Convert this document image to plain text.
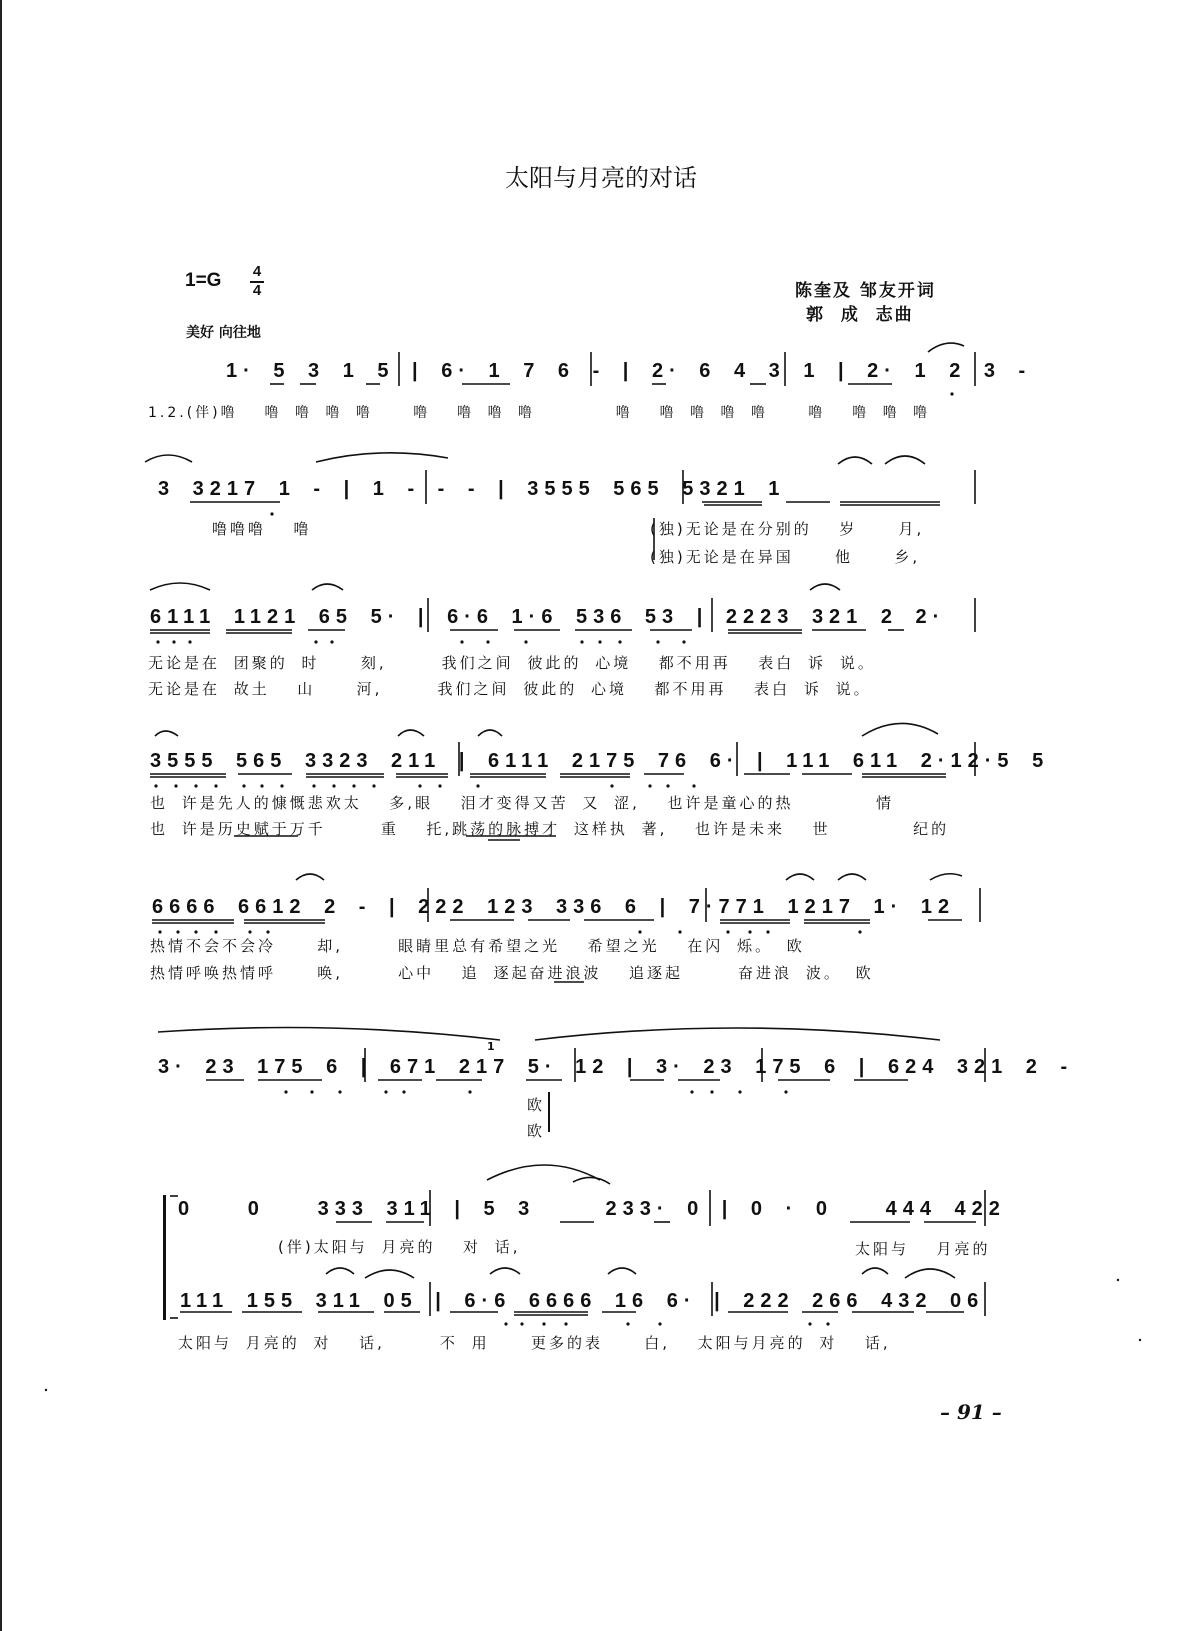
太阳与月亮的对话
1=G 4
4	陈奎及 邹友开词
郭  成  志曲
美好 向往地
1· 5 3 1 5 | 6· 1 7 6 - | 2· 6 4 3 1 | 2· 1 2 3 -
1.2.(伴)噜  噜 噜 噜 噜   噜  噜 噜 噜      噜  噜 噜 噜 噜   噜  噜 噜 噜
3 3217 1 - | 1 - - - | 3555 565 5321 1
噜噜噜  噜	(独)无论是在分别的  岁   月,
(独)无论是在异国   他   乡,
6111 1121 65 5· | 6·6 1·6 536 53 | 2223 321 2 2·
无论是在 团聚的 时   刻,    我们之间 彼此的 心境  都不用再  表白 诉 说。
无论是在 故土  山   河,    我们之间 彼此的 心境  都不用再  表白 诉 说。
3555 565 3323 211 | 6111 2175 76 6· | 111 611 2·12·5 5
也 许是先人的慷慨悲欢太  多,眼  泪才变得又苦 又 涩,  也许是童心的热      情
也 许是历史赋于万千    重  托,跳荡的脉搏才 这样执 著,  也许是未来  世      纪的
6666 6612 2 - | 222 123 336 6 | 7·771 1217 1· 12
热情不会不会冷   却,    眼睛里总有希望之光  希望之光  在闪 烁。 欧
热情呼唤热情呼   唤,    心中  追 逐起奋进浪波  追逐起    奋进浪 波。 欧
3· 23 175 6 | 671 217 5· 12 | 3· 23 175 6 | 624 321 2 -
1
欧
欧
0   0   333 311 | 5 3    233· 0 | 0 · 0   444 422
(伴)太阳与 月亮的  对 话,	太阳与  月亮的
111 155 311 05 | 6·6 6666 16 6· | 222 266 432 06
太阳与 月亮的 对  话,    不 用   更多的表   白,  太阳与月亮的 对  话,
– 91 –
